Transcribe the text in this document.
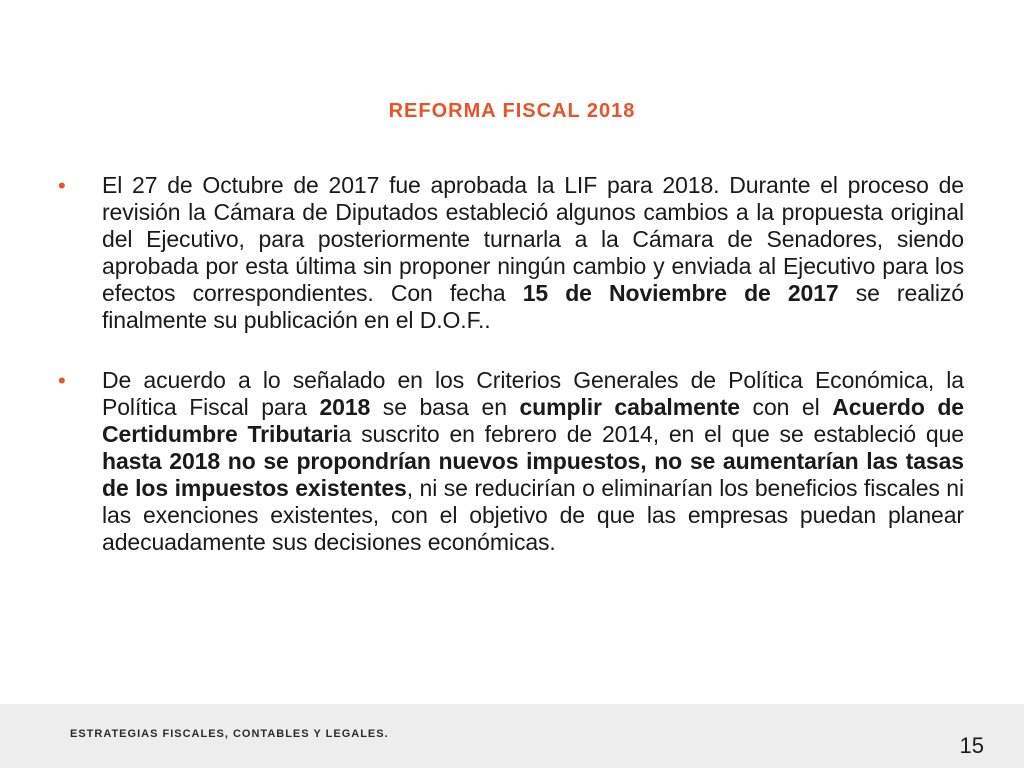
REFORMA FISCAL 2018
• El 27 de Octubre de 2017 fue aprobada la LIF para 2018. Durante el proceso de revisión la Cámara de Diputados estableció algunos cambios a la propuesta original del Ejecutivo, para posteriormente turnarla a la Cámara de Senadores, siendo aprobada por esta última sin proponer ningún cambio y enviada al Ejecutivo para los efectos correspondientes. Con fecha 15 de Noviembre de 2017 se realizó finalmente su publicación en el D.O.F..
• De acuerdo a lo señalado en los Criterios Generales de Política Económica, la Política Fiscal para 2018 se basa en cumplir cabalmente con el Acuerdo de Certidumbre Tributaria suscrito en febrero de 2014, en el que se estableció que hasta 2018 no se propondrían nuevos impuestos, no se aumentarían las tasas de los impuestos existentes, ni se reducirían o eliminarían los beneficios fiscales ni las exenciones existentes, con el objetivo de que las empresas puedan planear adecuadamente sus decisiones económicas.
ESTRATEGIAS FISCALES, CONTABLES Y LEGALES.	15
